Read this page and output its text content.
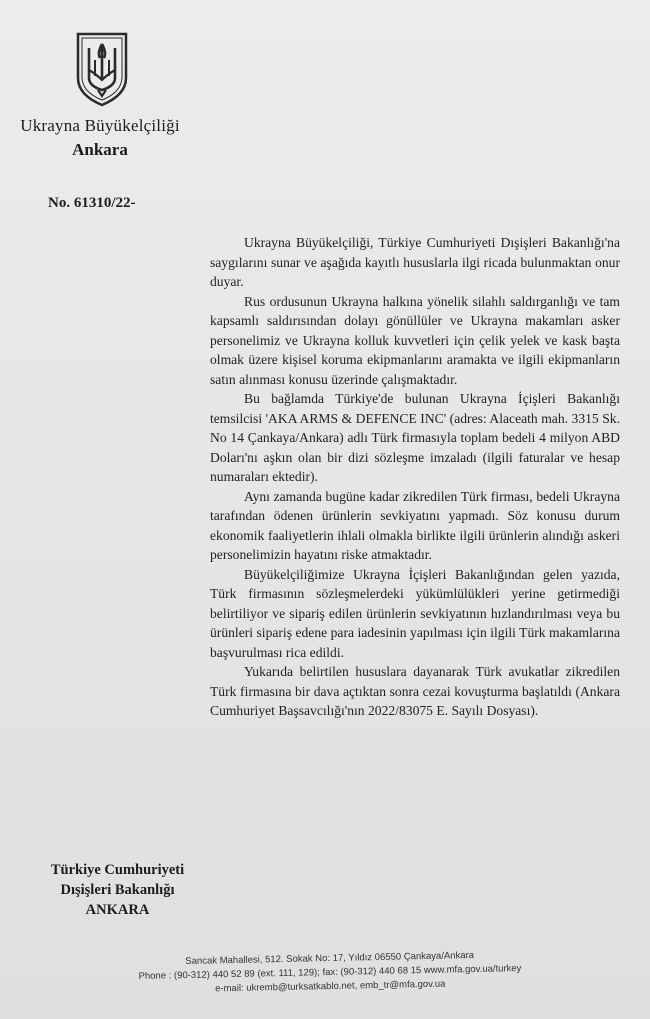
Ukrayna Büyükelçiliği
Ankara
No. 61310/22-

Ukrayna Büyükelçiliği, Türkiye Cumhuriyeti Dışişleri Bakanlığı'na saygılarını sunar ve aşağıda kayıtlı hususlarla ilgi ricada bulunmaktan onur duyar.

Rus ordusunun Ukrayna halkına yönelik silahlı saldırganlığı ve tam kapsamlı saldırısından dolayı gönüllüler ve Ukrayna makamları asker personelimiz ve Ukrayna kolluk kuvvetleri için çelik yelek ve kask başta olmak üzere kişisel koruma ekipmanlarını aramakta ve ilgili ekipmanların satın alınması konusu üzerinde çalışmaktadır.

Bu bağlamda Türkiye'de bulunan Ukrayna İçişleri Bakanlığı temsilcisi 'AKA ARMS & DEFENCE INC' (adres: Alaceath mah. 3315 Sk. No 14 Çankaya/Ankara) adlı Türk firmasıyla toplam bedeli 4 milyon ABD Doları'nı aşkın olan bir dizi sözleşme imzaladı (ilgili faturalar ve hesap numaraları ektedir).

Aynı zamanda bugüne kadar zikredilen Türk firması, bedeli Ukrayna tarafından ödenen ürünlerin sevkiyatını yapmadı. Söz konusu durum ekonomik faaliyetlerin ihlali olmakla birlikte ilgili ürünlerin alındığı askeri personelimizin hayatını riske atmaktadır.

Büyükelçiliğimize Ukrayna İçişleri Bakanlığından gelen yazıda, Türk firmasının sözleşmelerdeki yükümlülükleri yerine getirmediği belirtiliyor ve sipariş edilen ürünlerin sevkiyatının hızlandırılması veya bu ürünleri sipariş edene para iadesinin yapılması için ilgili Türk makamlarına başvurulması rica edildi.

Yukarıda belirtilen hususlara dayanarak Türk avukatlar zikredilen Türk firmasına bir dava açtıktan sonra cezai kovuşturma başlatıldı (Ankara Cumhuriyet Başsavcılığı'nın 2022/83075 E. Sayılı Dosyası).

Türkiye Cumhuriyeti
Dışişleri Bakanlığı
ANKARA
Sancak Mahallesi, 512. Sokak No: 17, Yıldız 06550 Çankaya/Ankara
Phone : (90-312) 440 52 89 (ext. 111, 129); fax: (90-312) 440 68 15 www.mfa.gov.ua/turkey
e-mail: ukremb@turksatkablo.net, emb_tr@mfa.gov.ua
